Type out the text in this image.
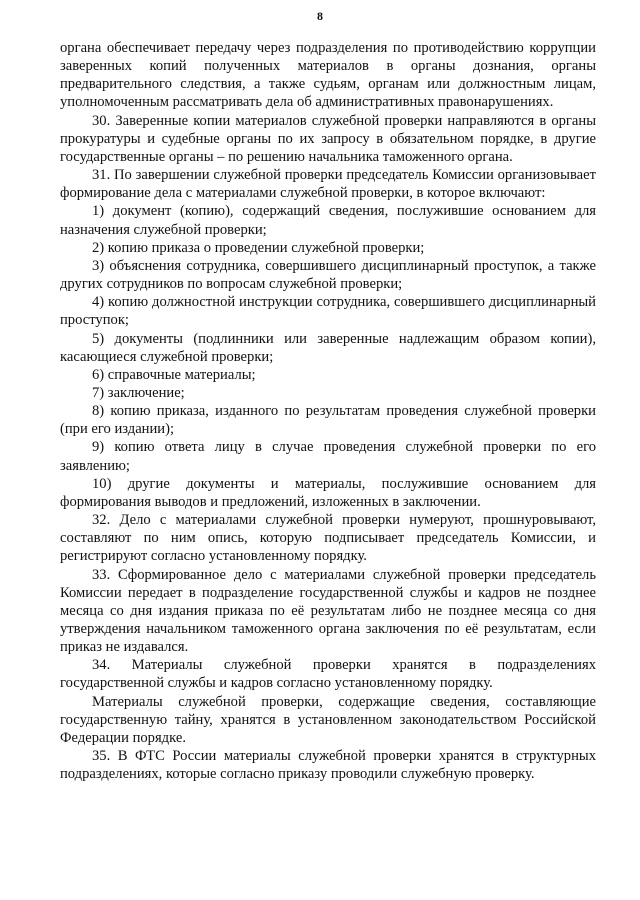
8

органа обеспечивает передачу через подразделения по противодействию коррупции заверенных копий полученных материалов в органы дознания, органы предварительного следствия, а также судьям, органам или должностным лицам, уполномоченным рассматривать дела об административных правонарушениях.

30. Заверенные копии материалов служебной проверки направляются в органы прокуратуры и судебные органы по их запросу в обязательном порядке, в другие государственные органы – по решению начальника таможенного органа.

31. По завершении служебной проверки председатель Комиссии организовывает формирование дела с материалами служебной проверки, в которое включают:

1) документ (копию), содержащий сведения, послужившие основанием для назначения служебной проверки;

2) копию приказа о проведении служебной проверки;

3) объяснения сотрудника, совершившего дисциплинарный проступок, а также других сотрудников по вопросам служебной проверки;

4) копию должностной инструкции сотрудника, совершившего дисциплинарный проступок;

5) документы (подлинники или заверенные надлежащим образом копии), касающиеся служебной проверки;

6) справочные материалы;

7) заключение;

8) копию приказа, изданного по результатам проведения служебной проверки (при его издании);

9) копию ответа лицу в случае проведения служебной проверки по его заявлению;

10) другие документы и материалы, послужившие основанием для формирования выводов и предложений, изложенных в заключении.

32. Дело с материалами служебной проверки нумеруют, прошнуровывают, составляют по ним опись, которую подписывает председатель Комиссии, и регистрируют согласно установленному порядку.

33. Сформированное дело с материалами служебной проверки председатель Комиссии передает в подразделение государственной службы и кадров не позднее месяца со дня издания приказа по её результатам либо не позднее месяца со дня утверждения начальником таможенного органа заключения по её результатам, если приказ не издавался.

34. Материалы служебной проверки хранятся в подразделениях государственной службы и кадров согласно установленному порядку.

Материалы служебной проверки, содержащие сведения, составляющие государственную тайну, хранятся в установленном законодательством Российской Федерации порядке.

35. В ФТС России материалы служебной проверки хранятся в структурных подразделениях, которые согласно приказу проводили служебную проверку.
